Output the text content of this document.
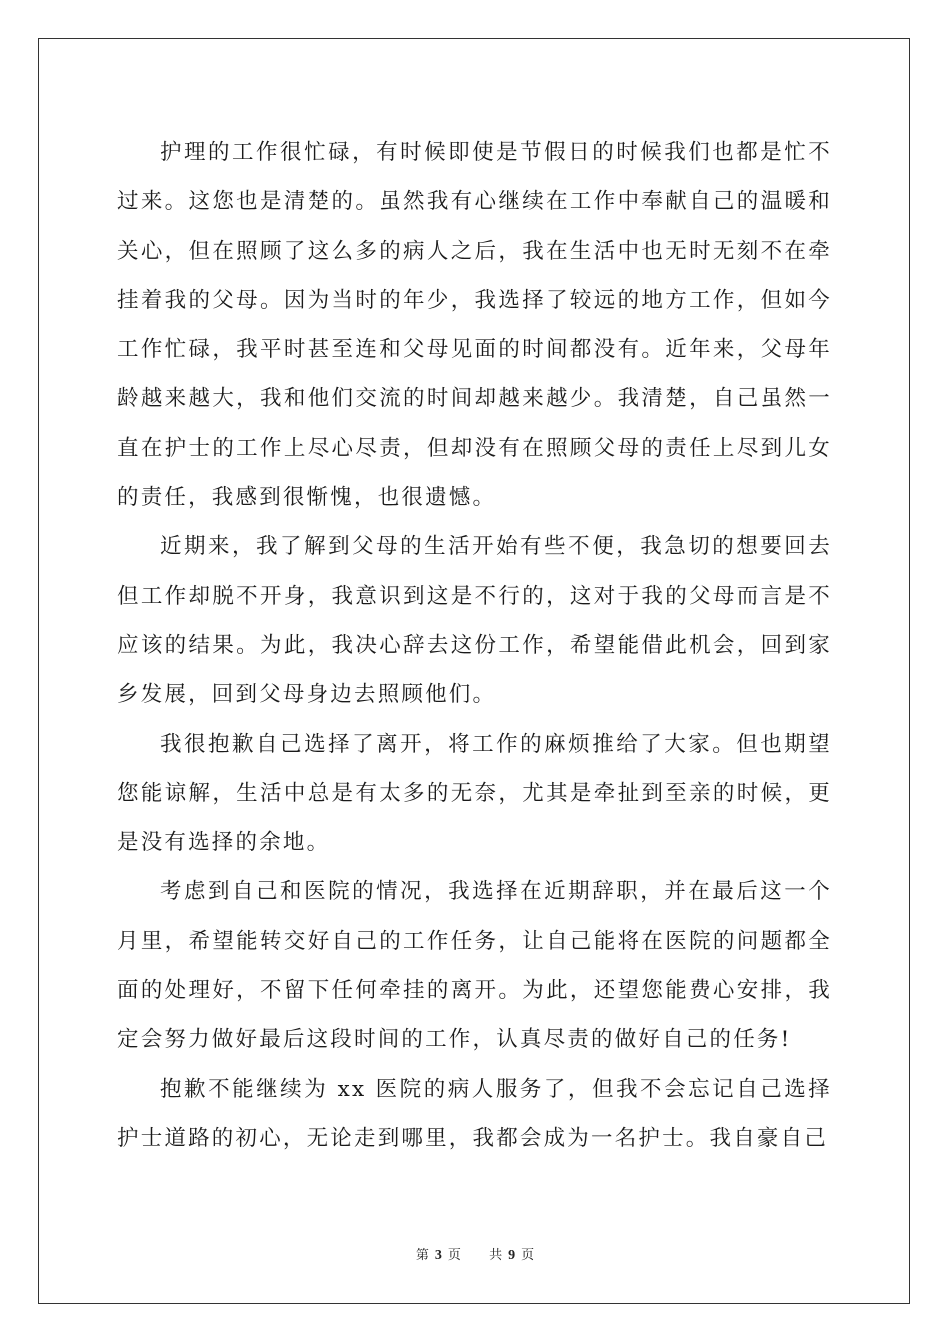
护理的工作很忙碌，有时候即使是节假日的时候我们也都是忙不过来。这您也是清楚的。虽然我有心继续在工作中奉献自己的温暖和关心，但在照顾了这么多的病人之后，我在生活中也无时无刻不在牵挂着我的父母。因为当时的年少，我选择了较远的地方工作，但如今工作忙碌，我平时甚至连和父母见面的时间都没有。近年来，父母年龄越来越大，我和他们交流的时间却越来越少。我清楚，自己虽然一直在护士的工作上尽心尽责，但却没有在照顾父母的责任上尽到儿女的责任，我感到很惭愧，也很遗憾。

近期来，我了解到父母的生活开始有些不便，我急切的想要回去但工作却脱不开身，我意识到这是不行的，这对于我的父母而言是不应该的结果。为此，我决心辞去这份工作，希望能借此机会，回到家乡发展，回到父母身边去照顾他们。

我很抱歉自己选择了离开，将工作的麻烦推给了大家。但也期望您能谅解，生活中总是有太多的无奈，尤其是牵扯到至亲的时候，更是没有选择的余地。

考虑到自己和医院的情况，我选择在近期辞职，并在最后这一个月里，希望能转交好自己的工作任务，让自己能将在医院的问题都全面的处理好，不留下任何牵挂的离开。为此，还望您能费心安排，我定会努力做好最后这段时间的工作，认真尽责的做好自己的任务!

抱歉不能继续为 xx 医院的病人服务了，但我不会忘记自己选择护士道路的初心，无论走到哪里，我都会成为一名护士。我自豪自己

第 3 页 共 9 页
